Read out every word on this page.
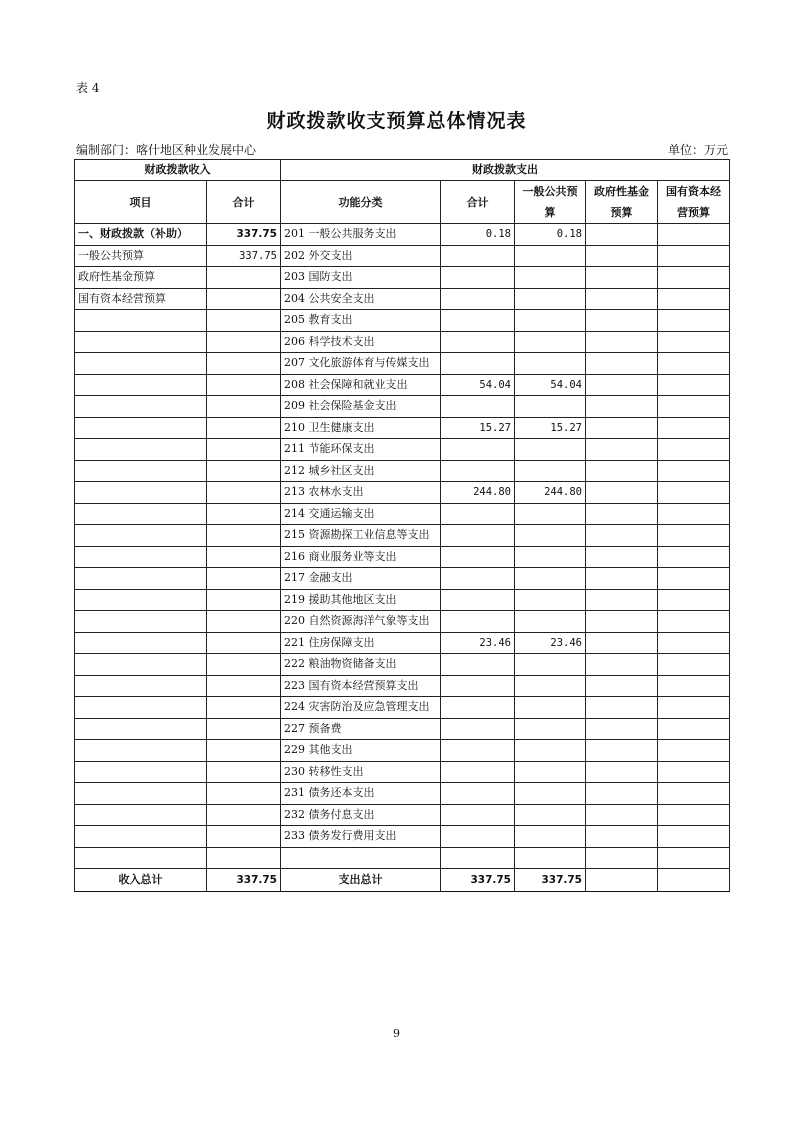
表 4
财政拨款收支预算总体情况表
编制部门：喀什地区种业发展中心	单位：万元
财政拨款收入		财政拨款支出				
项目	合计	功能分类	合计	一般公共预算	政府性基金预算	国有资本经营预算
一、财政拨款（补助）	337.75	201 一般公共服务支出	0.18	0.18		
一般公共预算	337.75	202 外交支出				
政府性基金预算		203 国防支出				
国有资本经营预算		204 公共安全支出				
		205 教育支出				
		206 科学技术支出				
		207 文化旅游体育与传媒支出				
		208 社会保障和就业支出	54.04	54.04		
		209 社会保险基金支出				
		210 卫生健康支出	15.27	15.27		
		211 节能环保支出				
		212 城乡社区支出				
		213 农林水支出	244.80	244.80		
		214 交通运输支出				
		215 资源勘探工业信息等支出				
		216 商业服务业等支出				
		217 金融支出				
		219 援助其他地区支出				
		220 自然资源海洋气象等支出				
		221 住房保障支出	23.46	23.46		
		222 粮油物资储备支出				
		223 国有资本经营预算支出				
		224 灾害防治及应急管理支出				
		227 预备费				
		229 其他支出				
		230 转移性支出				
		231 债务还本支出				
		232 债务付息支出				
		233 债务发行费用支出				

收入总计	337.75	支出总计	337.75	337.75		
9
